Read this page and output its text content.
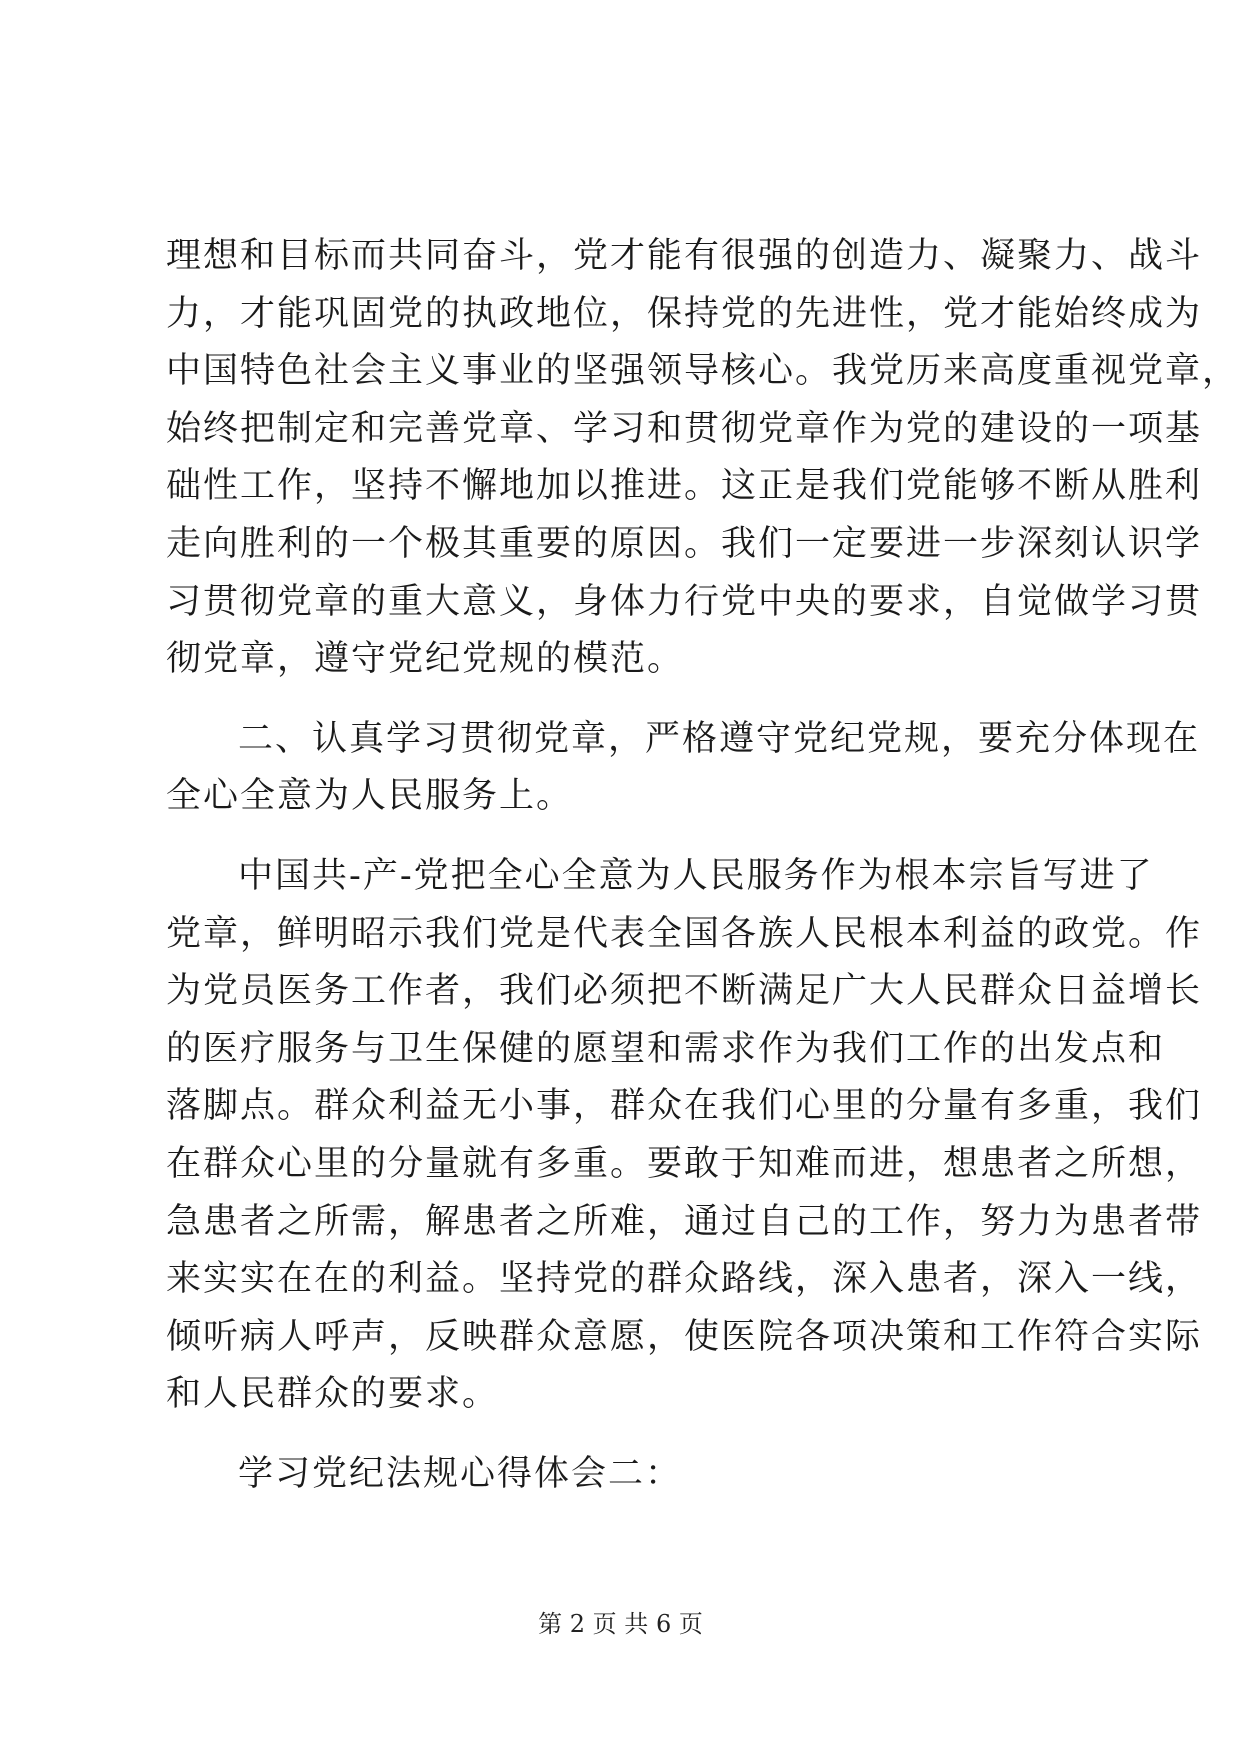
理想和目标而共同奋斗，党才能有很强的创造力、凝聚力、战斗
力，才能巩固党的执政地位，保持党的先进性，党才能始终成为
中国特色社会主义事业的坚强领导核心。我党历来高度重视党章，
始终把制定和完善党章、学习和贯彻党章作为党的建设的一项基
础性工作，坚持不懈地加以推进。这正是我们党能够不断从胜利
走向胜利的一个极其重要的原因。我们一定要进一步深刻认识学
习贯彻党章的重大意义，身体力行党中央的要求，自觉做学习贯
彻党章，遵守党纪党规的模范。
二、认真学习贯彻党章，严格遵守党纪党规，要充分体现在
全心全意为人民服务上。
中国共-产-党把全心全意为人民服务作为根本宗旨写进了
党章，鲜明昭示我们党是代表全国各族人民根本利益的政党。作
为党员医务工作者，我们必须把不断满足广大人民群众日益增长
的医疗服务与卫生保健的愿望和需求作为我们工作的出发点和
落脚点。群众利益无小事，群众在我们心里的分量有多重，我们
在群众心里的分量就有多重。要敢于知难而进，想患者之所想，
急患者之所需，解患者之所难，通过自己的工作，努力为患者带
来实实在在的利益。坚持党的群众路线，深入患者，深入一线，
倾听病人呼声，反映群众意愿，使医院各项决策和工作符合实际
和人民群众的要求。
学习党纪法规心得体会二：
第 2 页 共 6 页
